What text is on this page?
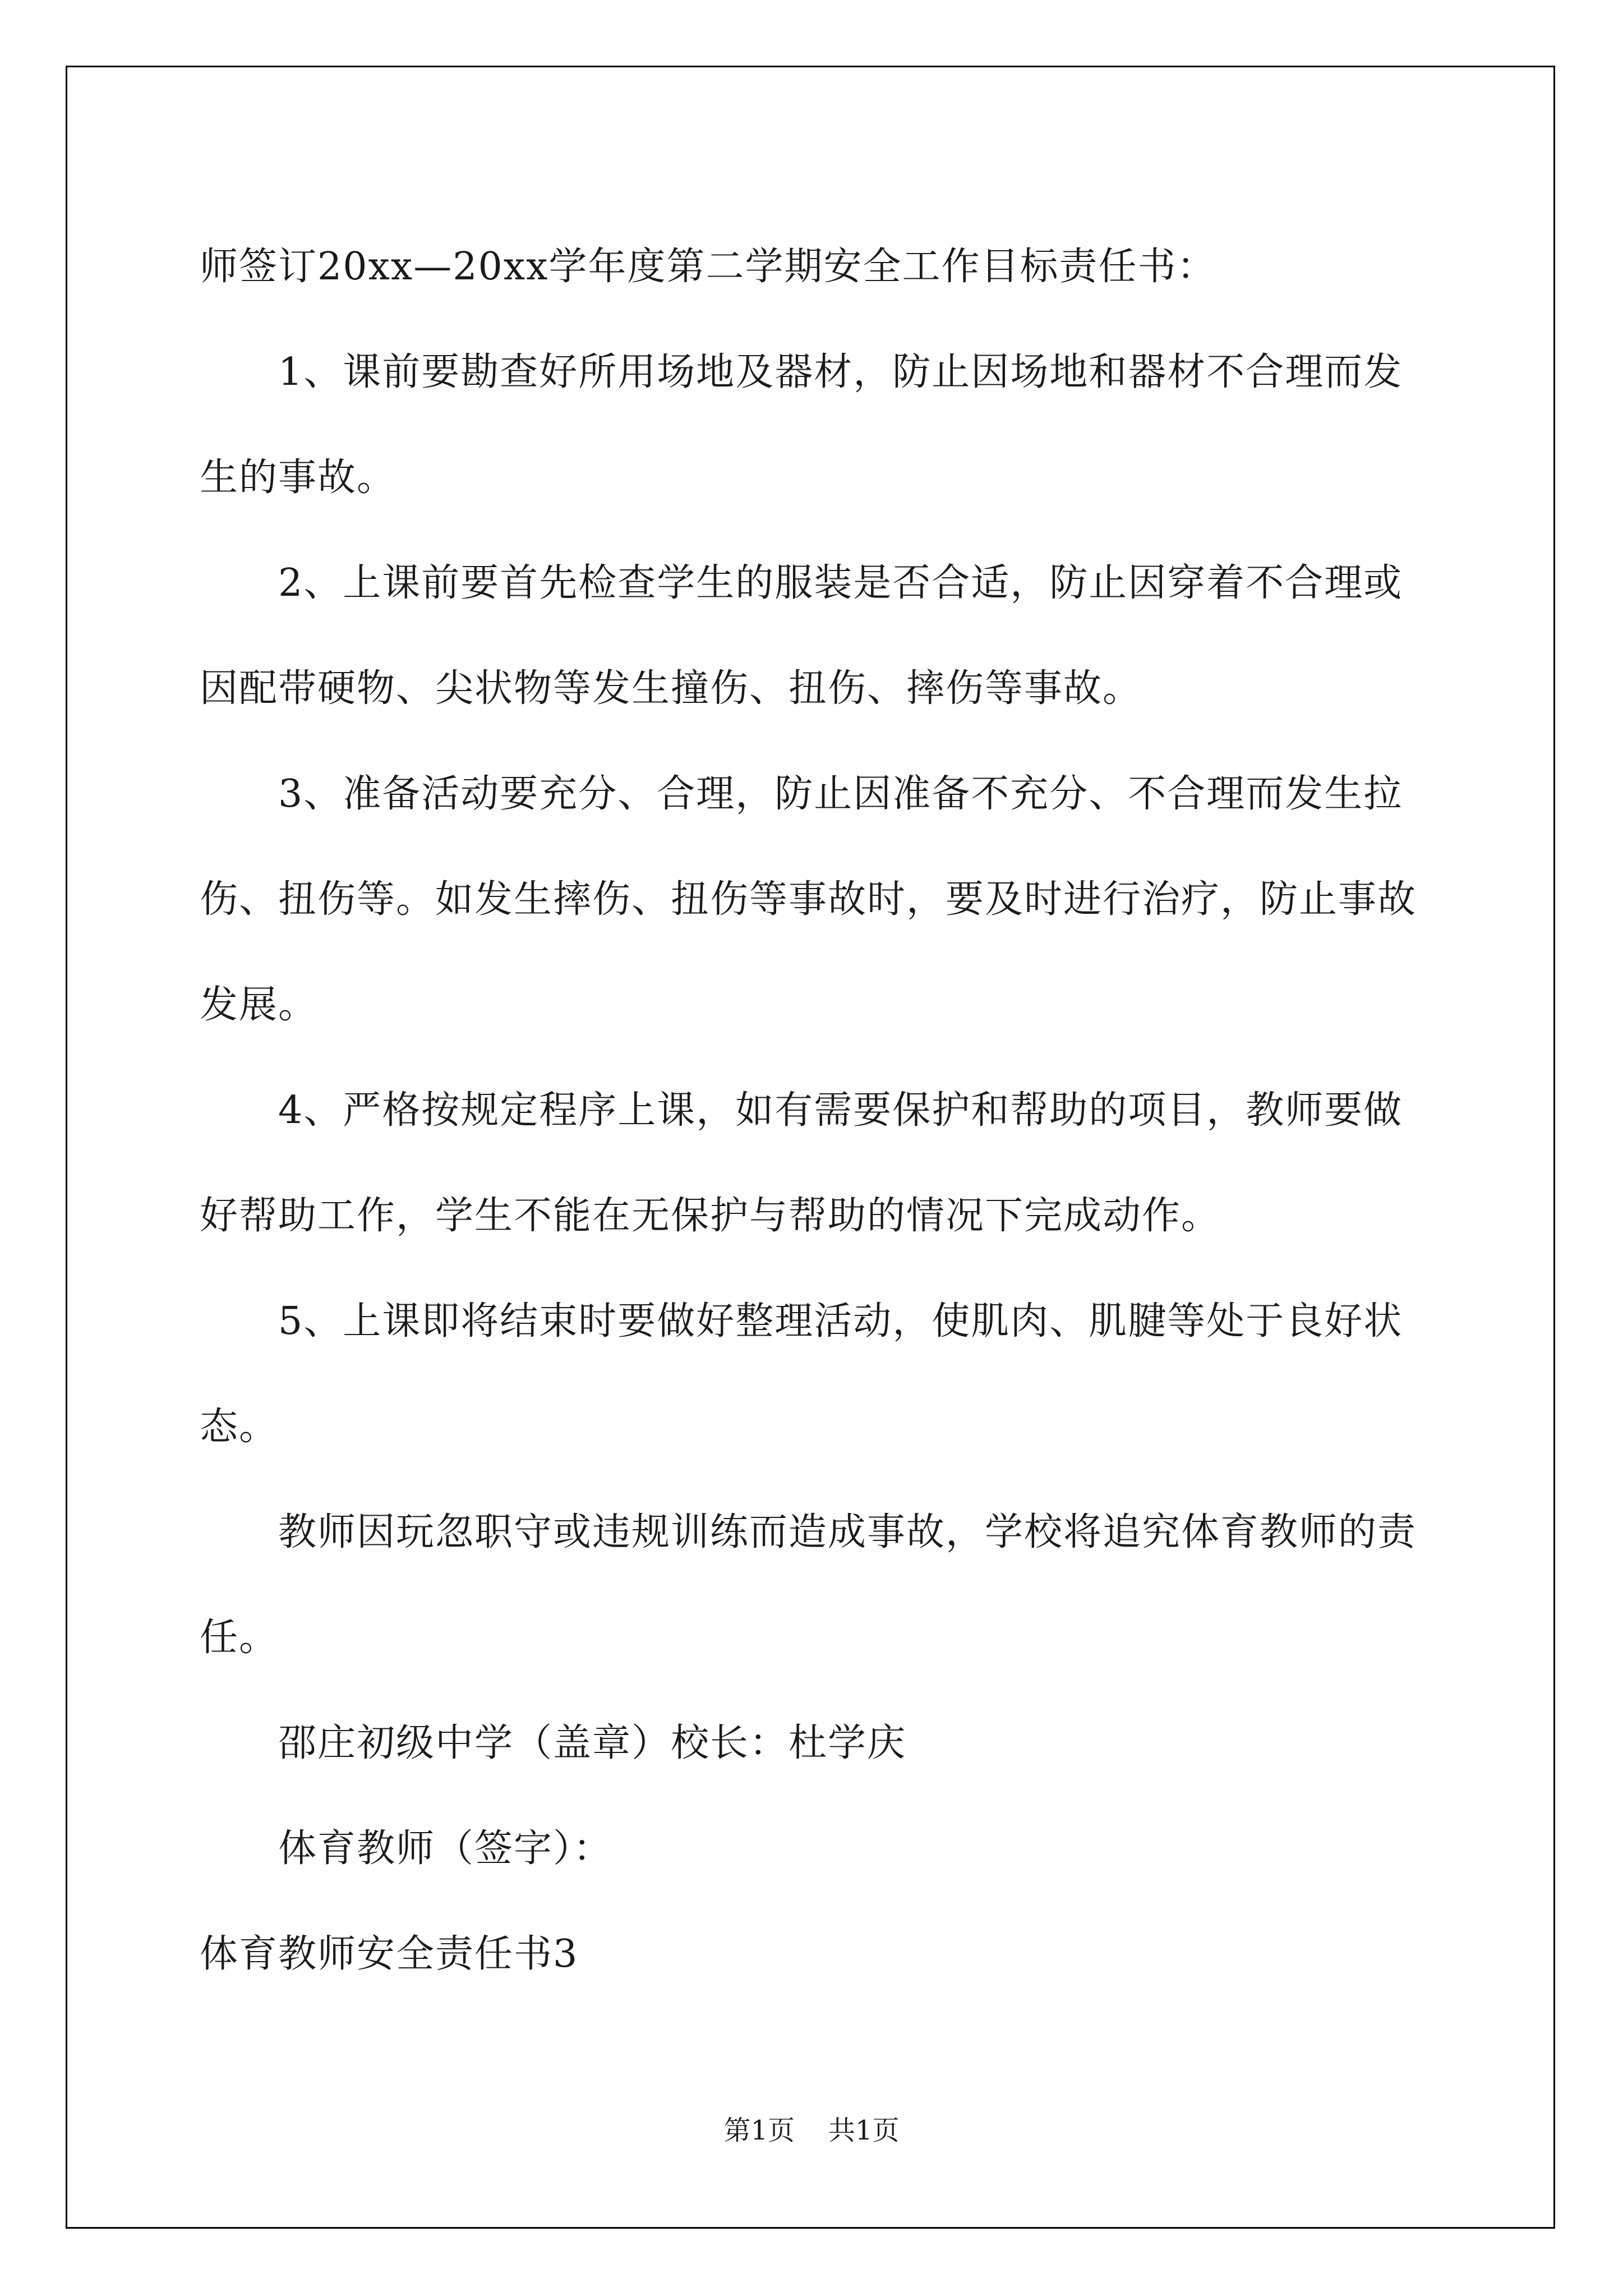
师签订20xx—20xx学年度第二学期安全工作目标责任书：

1、课前要勘查好所用场地及器材，防止因场地和器材不合理而发生的事故。

2、上课前要首先检查学生的服装是否合适，防止因穿着不合理或因配带硬物、尖状物等发生撞伤、扭伤、摔伤等事故。

3、准备活动要充分、合理，防止因准备不充分、不合理而发生拉伤、扭伤等。如发生摔伤、扭伤等事故时，要及时进行治疗，防止事故发展。

4、严格按规定程序上课，如有需要保护和帮助的项目，教师要做好帮助工作，学生不能在无保护与帮助的情况下完成动作。

5、上课即将结束时要做好整理活动，使肌肉、肌腱等处于良好状态。

教师因玩忽职守或违规训练而造成事故，学校将追究体育教师的责任。

邵庄初级中学（盖章）校长：杜学庆

体育教师（签字）：

体育教师安全责任书3

第1页 共1页
